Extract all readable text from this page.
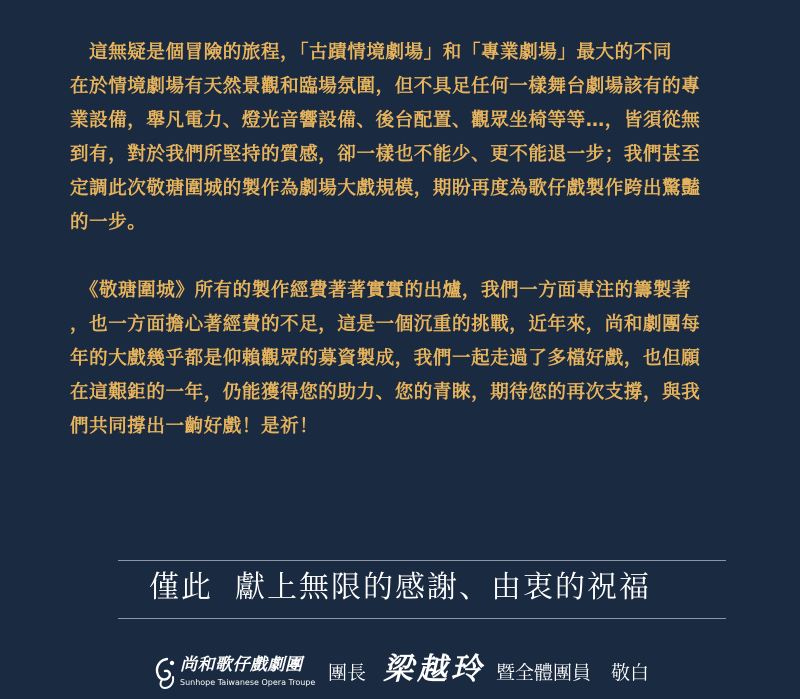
　這無疑是個冒險的旅程，「古蹟情境劇場」和「專業劇場」最大的不同
在於情境劇場有天然景觀和臨場氛圍，但不具足任何一樣舞台劇場該有的專
業設備，舉凡電力、燈光音響設備、後台配置、觀眾坐椅等等…，皆須從無
到有，對於我們所堅持的質感，卻一樣也不能少、更不能退一步；我們甚至
定調此次敬瑭圍城的製作為劇場大戲規模，期盼再度為歌仔戲製作跨出驚豔
的一步。

　《敬瑭圍城》所有的製作經費著著實實的出爐，我們一方面專注的籌製著
，也一方面擔心著經費的不足，這是一個沉重的挑戰，近年來，尚和劇團每
年的大戲幾乎都是仰賴觀眾的募資製成，我們一起走過了多檔好戲，也但願
在這艱鉅的一年，仍能獲得您的助力、您的青睞，期待您的再次支撐，與我
們共同撐出一齣好戲！是祈！

僅此 獻上無限的感謝、由衷的祝福
尚和歌仔戲劇團
Sunhope Taiwanese Opera Troupe 團長 梁越玲 暨全體團員 敬白
